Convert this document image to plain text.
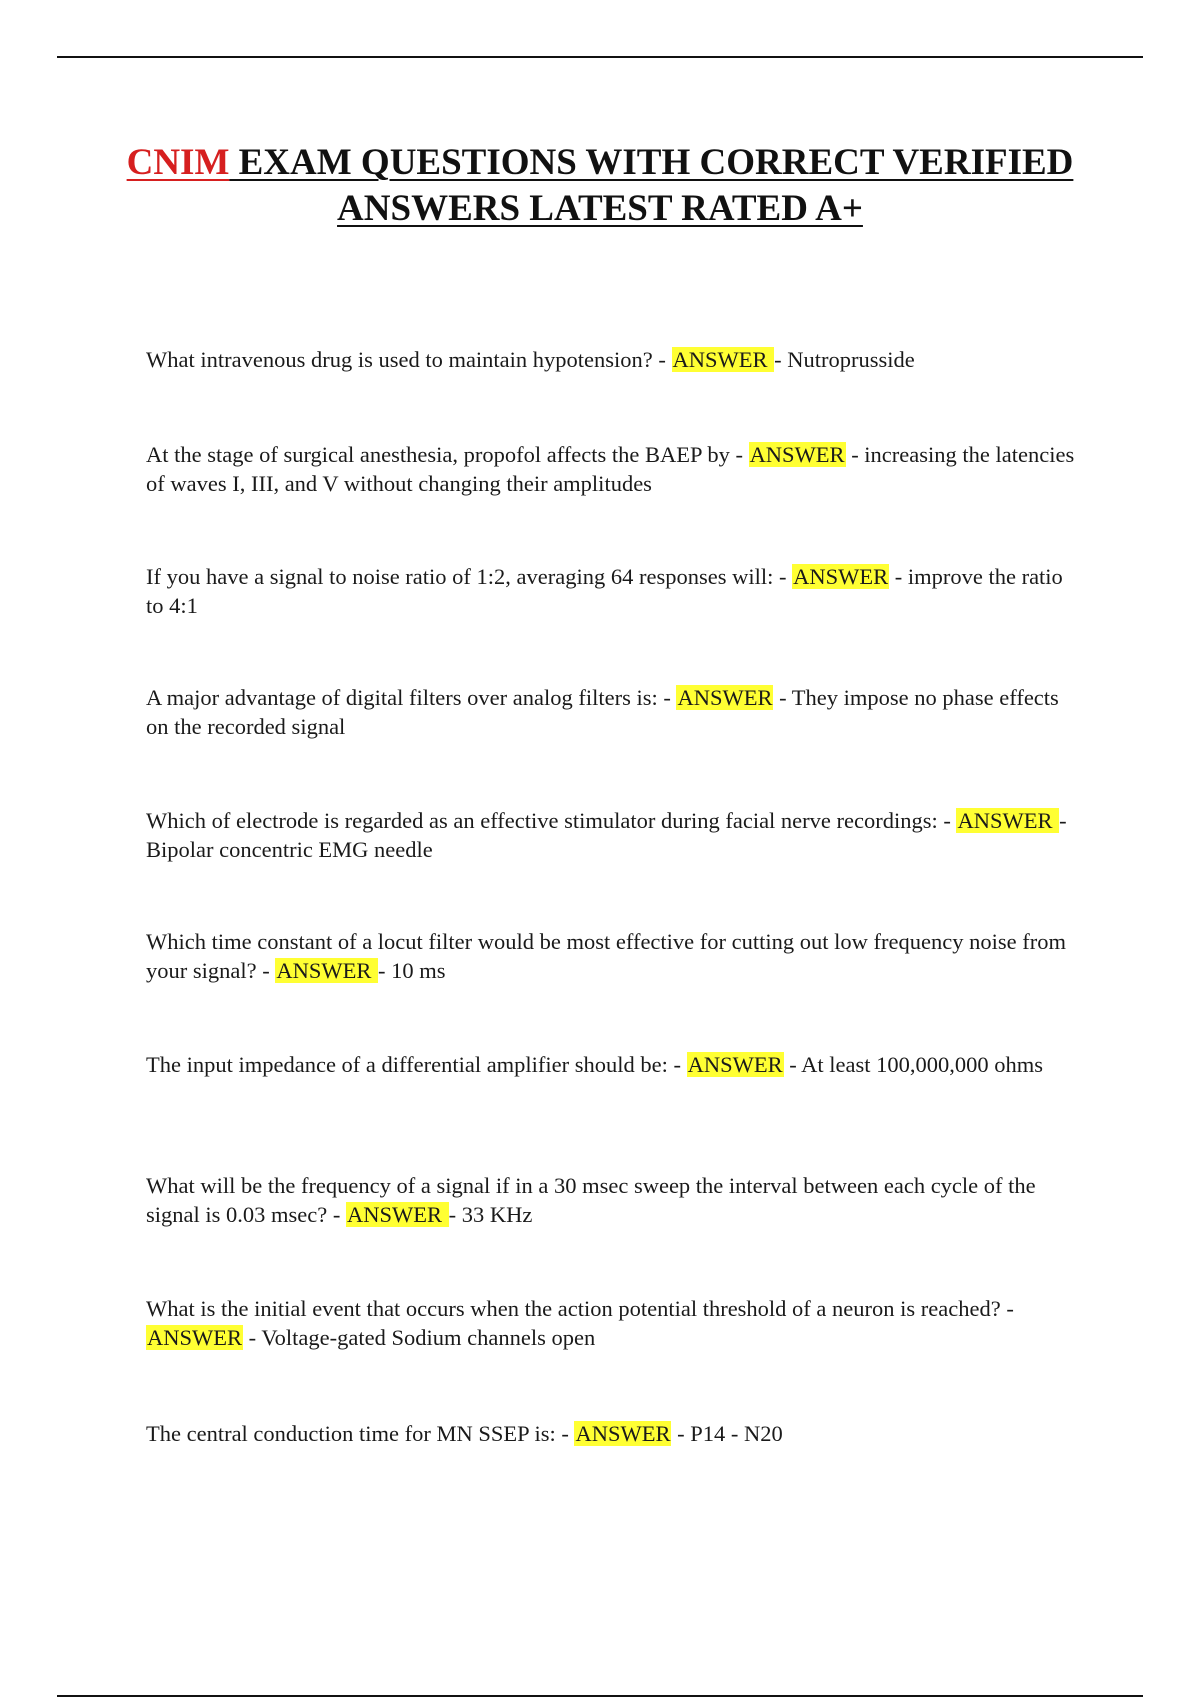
CNIM EXAM QUESTIONS WITH CORRECT VERIFIED
ANSWERS LATEST RATED A+
What intravenous drug is used to maintain hypotension? - ANSWER - Nutroprusside
At the stage of surgical anesthesia, propofol affects the BAEP by - ANSWER - increasing the latencies of waves I, III, and V without changing their amplitudes
If you have a signal to noise ratio of 1:2, averaging 64 responses will: - ANSWER - improve the ratio to 4:1
A major advantage of digital filters over analog filters is: - ANSWER - They impose no phase effects on the recorded signal
Which of electrode is regarded as an effective stimulator during facial nerve recordings: - ANSWER - Bipolar concentric EMG needle
Which time constant of a locut filter would be most effective for cutting out low frequency noise from your signal? - ANSWER - 10 ms
The input impedance of a differential amplifier should be: - ANSWER - At least 100,000,000 ohms
What will be the frequency of a signal if in a 30 msec sweep the interval between each cycle of the signal is 0.03 msec? - ANSWER - 33 KHz
What is the initial event that occurs when the action potential threshold of a neuron is reached? - ANSWER - Voltage-gated Sodium channels open
The central conduction time for MN SSEP is: - ANSWER - P14 - N20
